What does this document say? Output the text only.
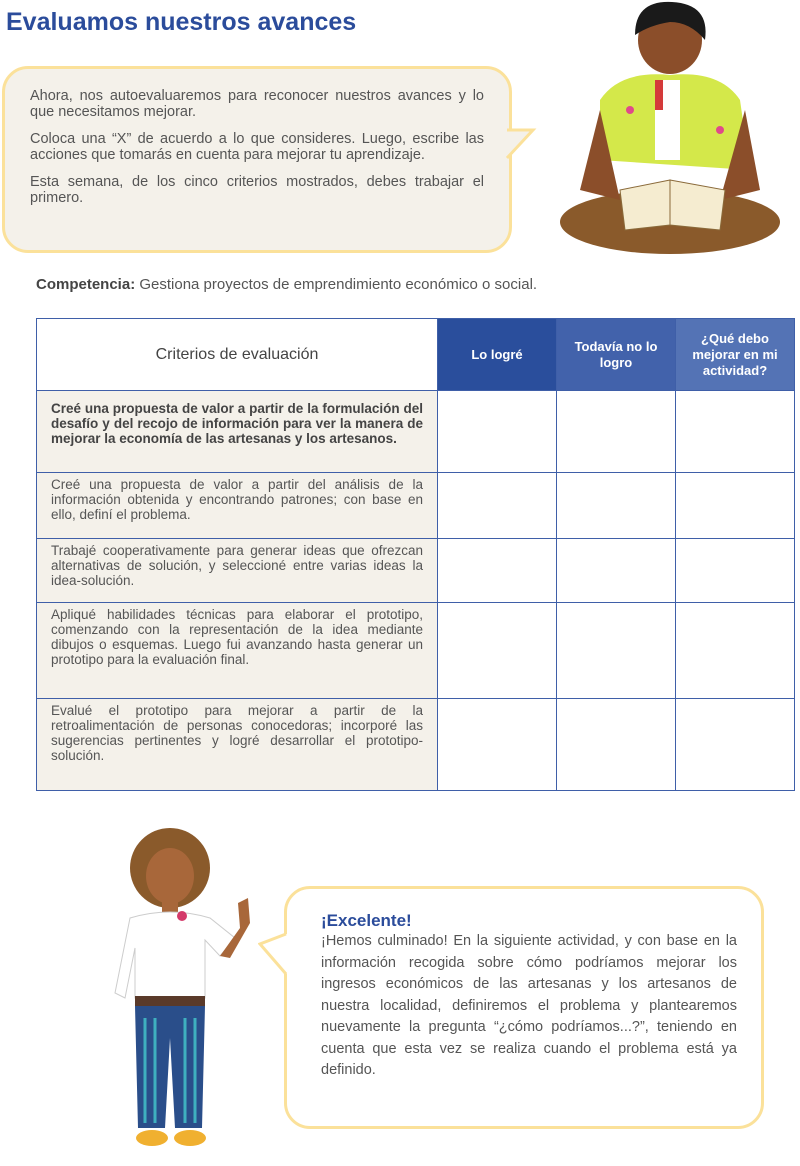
Evaluamos nuestros avances

Ahora, nos autoevaluaremos para reconocer nuestros avances y lo que necesitamos mejorar.

Coloca una “X” de acuerdo a lo que consideres. Luego, escribe las acciones que tomarás en cuenta para mejorar tu aprendizaje.

Esta semana, de los cinco criterios mostrados, debes trabajar el primero.

Competencia: Gestiona proyectos de emprendimiento económico o social.
Criterios de evaluación	Lo logré	Todavía no lo logro	¿Qué debo mejorar en mi actividad?
Creé una propuesta de valor a partir de la formulación del desafío y del recojo de información para ver la manera de mejorar la economía de las artesanas y los artesanos.			
Creé una propuesta de valor a partir del análisis de la información obtenida y encontrando patrones; con base en ello, definí el problema.			
Trabajé cooperativamente para generar ideas que ofrezcan alternativas de solución, y seleccioné entre varias ideas la idea-solución.			
Apliqué habilidades técnicas para elaborar el prototipo, comenzando con la representación de la idea mediante dibujos o esquemas. Luego fui avanzando hasta generar un prototipo para la evaluación final.			
Evalué el prototipo para mejorar a partir de la retroalimentación de personas conocedoras; incorporé las sugerencias pertinentes y logré desarrollar el prototipo-solución.			
¡Excelente!

¡Hemos culminado! En la siguiente actividad, y con base en la información recogida sobre cómo podríamos mejorar los ingresos económicos de las artesanas y los artesanos de nuestra localidad, definiremos el problema y plantearemos nuevamente la pregunta “¿cómo podríamos...?”, teniendo en cuenta que esta vez se realiza cuando el problema está ya definido.
